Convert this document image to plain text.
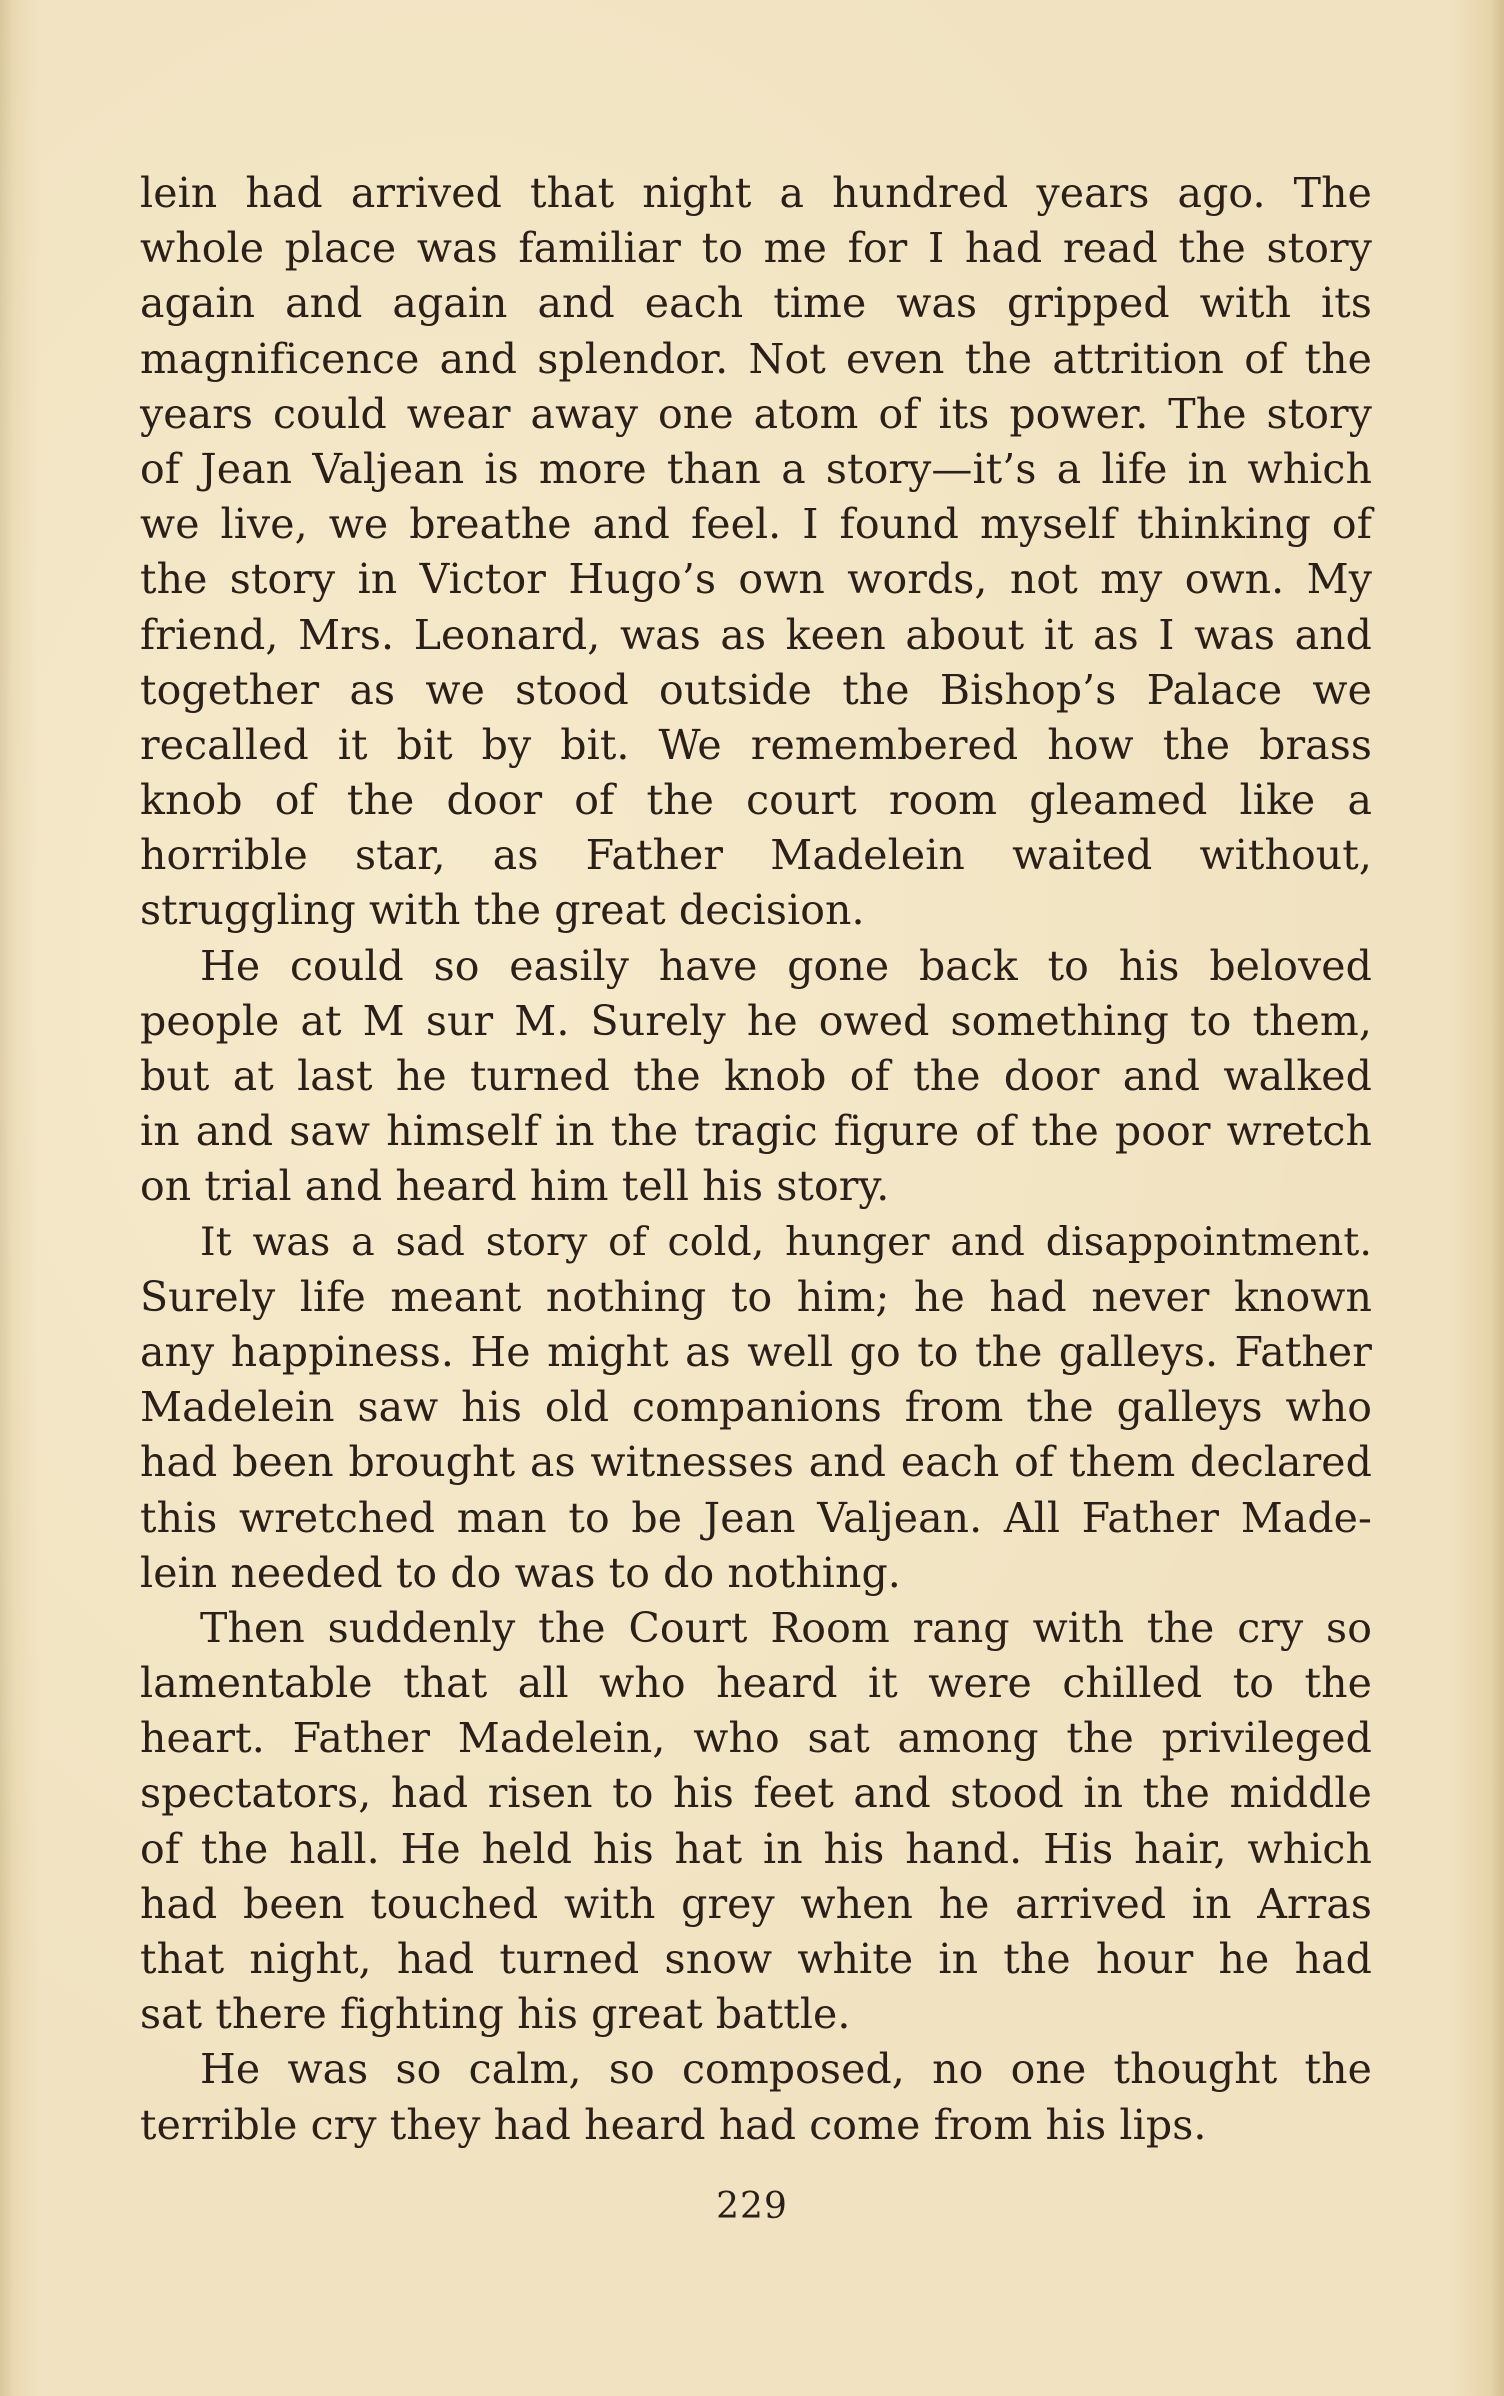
lein had arrived that night a hundred years ago. The
whole place was familiar to me for I had read the story
again and again and each time was gripped with its
magnificence and splendor. Not even the attrition of the
years could wear away one atom of its power. The story
of Jean Valjean is more than a story—it’s a life in which
we live, we breathe and feel. I found myself thinking of
the story in Victor Hugo’s own words, not my own. My
friend, Mrs. Leonard, was as keen about it as I was and
together as we stood outside the Bishop’s Palace we
recalled it bit by bit. We remembered how the brass
knob of the door of the court room gleamed like a
horrible star, as Father Madelein waited without,
struggling with the great decision.
He could so easily have gone back to his beloved
people at M sur M. Surely he owed something to them,
but at last he turned the knob of the door and walked
in and saw himself in the tragic figure of the poor wretch
on trial and heard him tell his story.
It was a sad story of cold, hunger and disappointment.
Surely life meant nothing to him; he had never known
any happiness. He might as well go to the galleys. Father
Madelein saw his old companions from the galleys who
had been brought as witnesses and each of them declared
this wretched man to be Jean Valjean. All Father Made-
lein needed to do was to do nothing.
Then suddenly the Court Room rang with the cry so
lamentable that all who heard it were chilled to the
heart. Father Madelein, who sat among the privileged
spectators, had risen to his feet and stood in the middle
of the hall. He held his hat in his hand. His hair, which
had been touched with grey when he arrived in Arras
that night, had turned snow white in the hour he had
sat there fighting his great battle.
He was so calm, so composed, no one thought the
terrible cry they had heard had come from his lips.
229
